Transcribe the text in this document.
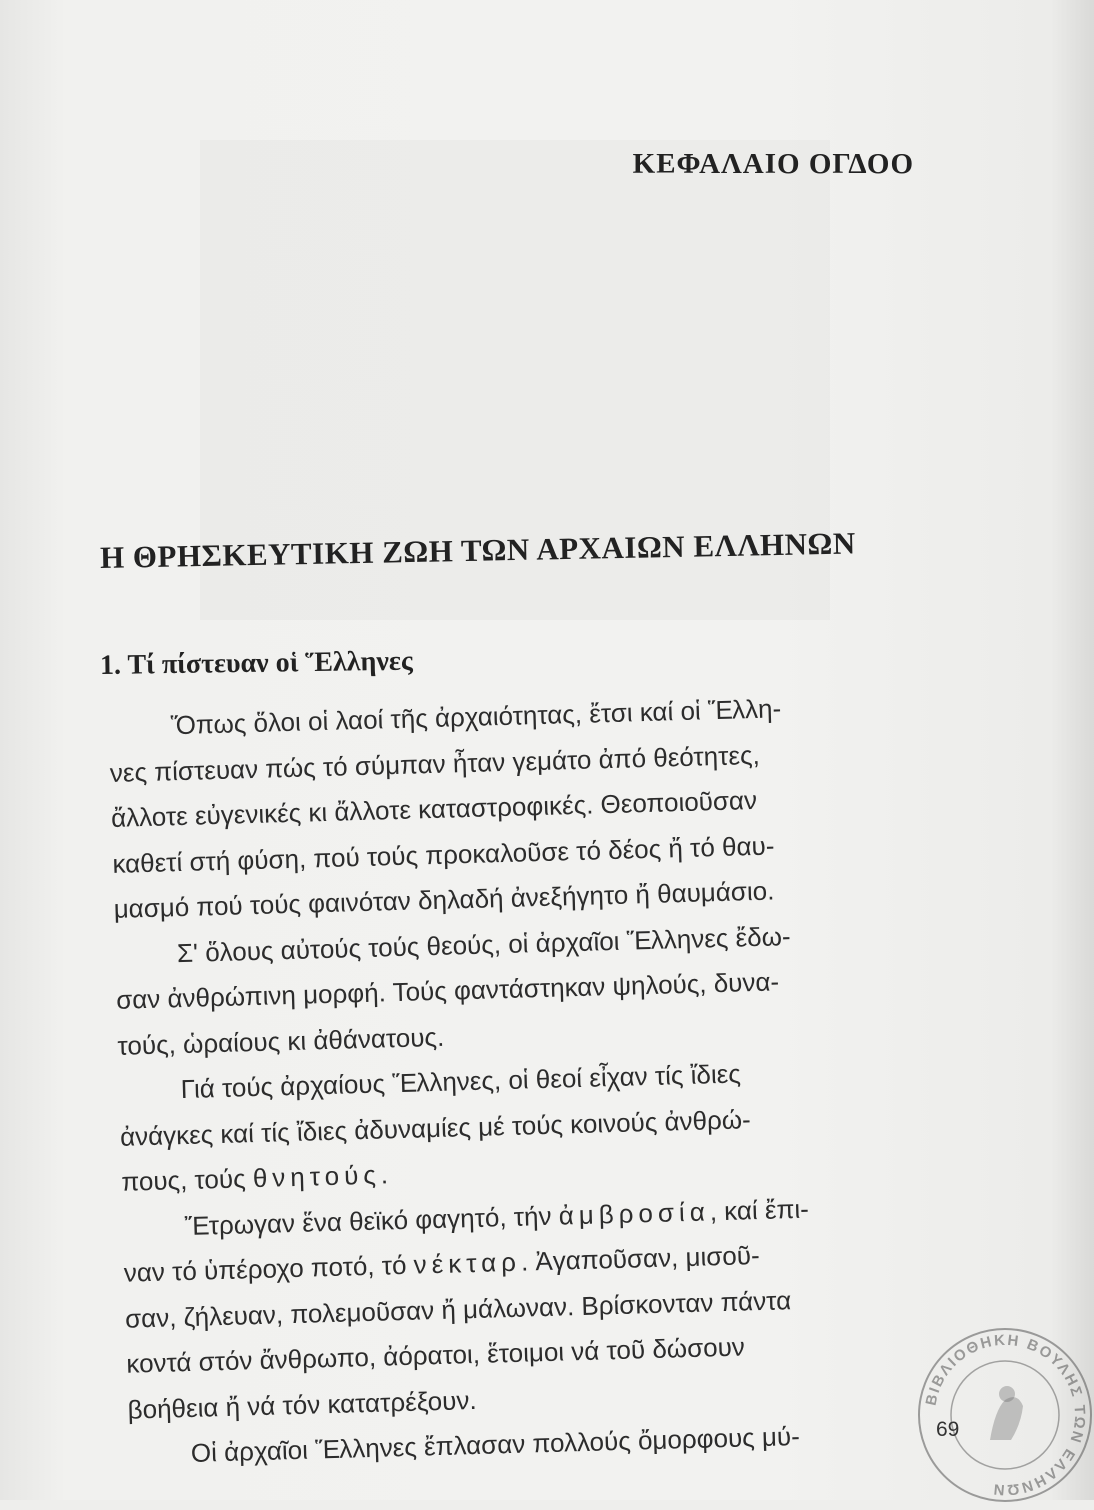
ΚΕΦΑΛΑΙΟ ΟΓΔΟΟ
Η ΘΡΗΣΚΕΥΤΙΚΗ ΖΩΗ ΤΩΝ ΑΡΧΑΙΩΝ ΕΛΛΗΝΩΝ
1. Τί πίστευαν οἱ Ἕλληνες
Ὅπως ὅλοι οἱ λαοί τῆς ἀρχαιότητας, ἔτσι καί οἱ Ἕλλη-
νες πίστευαν πώς τό σύμπαν ἦταν γεμάτο ἀπό θεότητες,
ἄλλοτε εὐγενικές κι ἄλλοτε καταστροφικές. Θεοποιοῦσαν
καθετί στή φύση, πού τούς προκαλοῦσε τό δέος ἤ τό θαυ-
μασμό πού τούς φαινόταν δηλαδή ἀνεξήγητο ἤ θαυμάσιο.
Σ' ὅλους αὐτούς τούς θεούς, οἱ ἀρχαῖοι Ἕλληνες ἔδω-
σαν ἀνθρώπινη μορφή. Τούς φαντάστηκαν ψηλούς, δυνα-
τούς, ὡραίους κι ἀθάνατους.
Γιά τούς ἀρχαίους Ἕλληνες, οἱ θεοί εἶχαν τίς ἴδιες
ἀνάγκες καί τίς ἴδιες ἀδυναμίες μέ τούς κοινούς ἀνθρώ-
πους, τούς θνητούς.
Ἔτρωγαν ἕνα θεϊκό φαγητό, τήν ἀμβροσία, καί ἔπι-
ναν τό ὑπέροχο ποτό, τό νέκταρ. Ἀγαποῦσαν, μισοῦ-
σαν, ζήλευαν, πολεμοῦσαν ἤ μάλωναν. Βρίσκονταν πάντα
κοντά στόν ἄνθρωπο, ἀόρατοι, ἕτοιμοι νά τοῦ δώσουν
βοήθεια ἤ νά τόν κατατρέξουν.
Οἱ ἀρχαῖοι Ἕλληνες ἔπλασαν πολλούς ὄμορφους μύ-
ΒΙΒΛΙΟΘΗΚΗ ΒΟΥΛΗΣ ΤΩΝ ΕΛΛΗΝΩΝ
69
